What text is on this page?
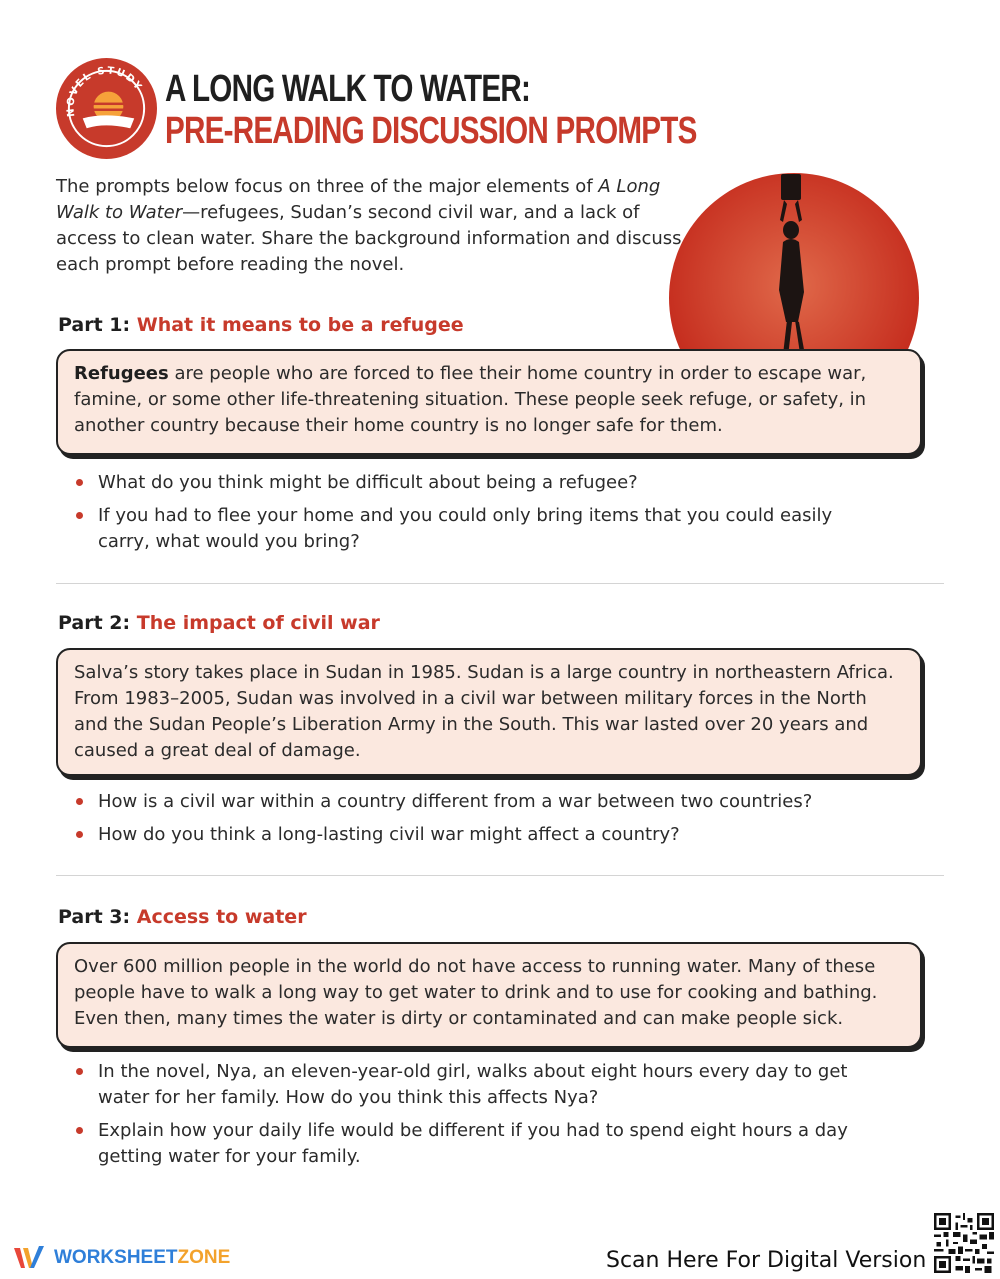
NOVEL STUDY A LONG WALK TO WATER:
PRE-READING DISCUSSION PROMPTS
The prompts below focus on three of the major elements of A Long Walk to Water—refugees, Sudan’s second civil war, and a lack of access to clean water. Share the background information and discuss each prompt before reading the novel.
Part 1: What it means to be a refugee
Refugees are people who are forced to flee their home country in order to escape war, famine, or some other life-threatening situation. These people seek refuge, or safety, in another country because their home country is no longer safe for them.
What do you think might be difficult about being a refugee?
If you had to flee your home and you could only bring items that you could easily carry, what would you bring?
Part 2: The impact of civil war
Salva’s story takes place in Sudan in 1985. Sudan is a large country in northeastern Africa. From 1983–2005, Sudan was involved in a civil war between military forces in the North and the Sudan People’s Liberation Army in the South. This war lasted over 20 years and caused a great deal of damage.
How is a civil war within a country different from a war between two countries?
How do you think a long-lasting civil war might affect a country?
Part 3: Access to water
Over 600 million people in the world do not have access to running water. Many of these people have to walk a long way to get water to drink and to use for cooking and bathing. Even then, many times the water is dirty or contaminated and can make people sick.
In the novel, Nya, an eleven-year-old girl, walks about eight hours every day to get water for her family. How do you think this affects Nya?
Explain how your daily life would be different if you had to spend eight hours a day getting water for your family.
WORKSHEETZONE	Scan Here For Digital Version
